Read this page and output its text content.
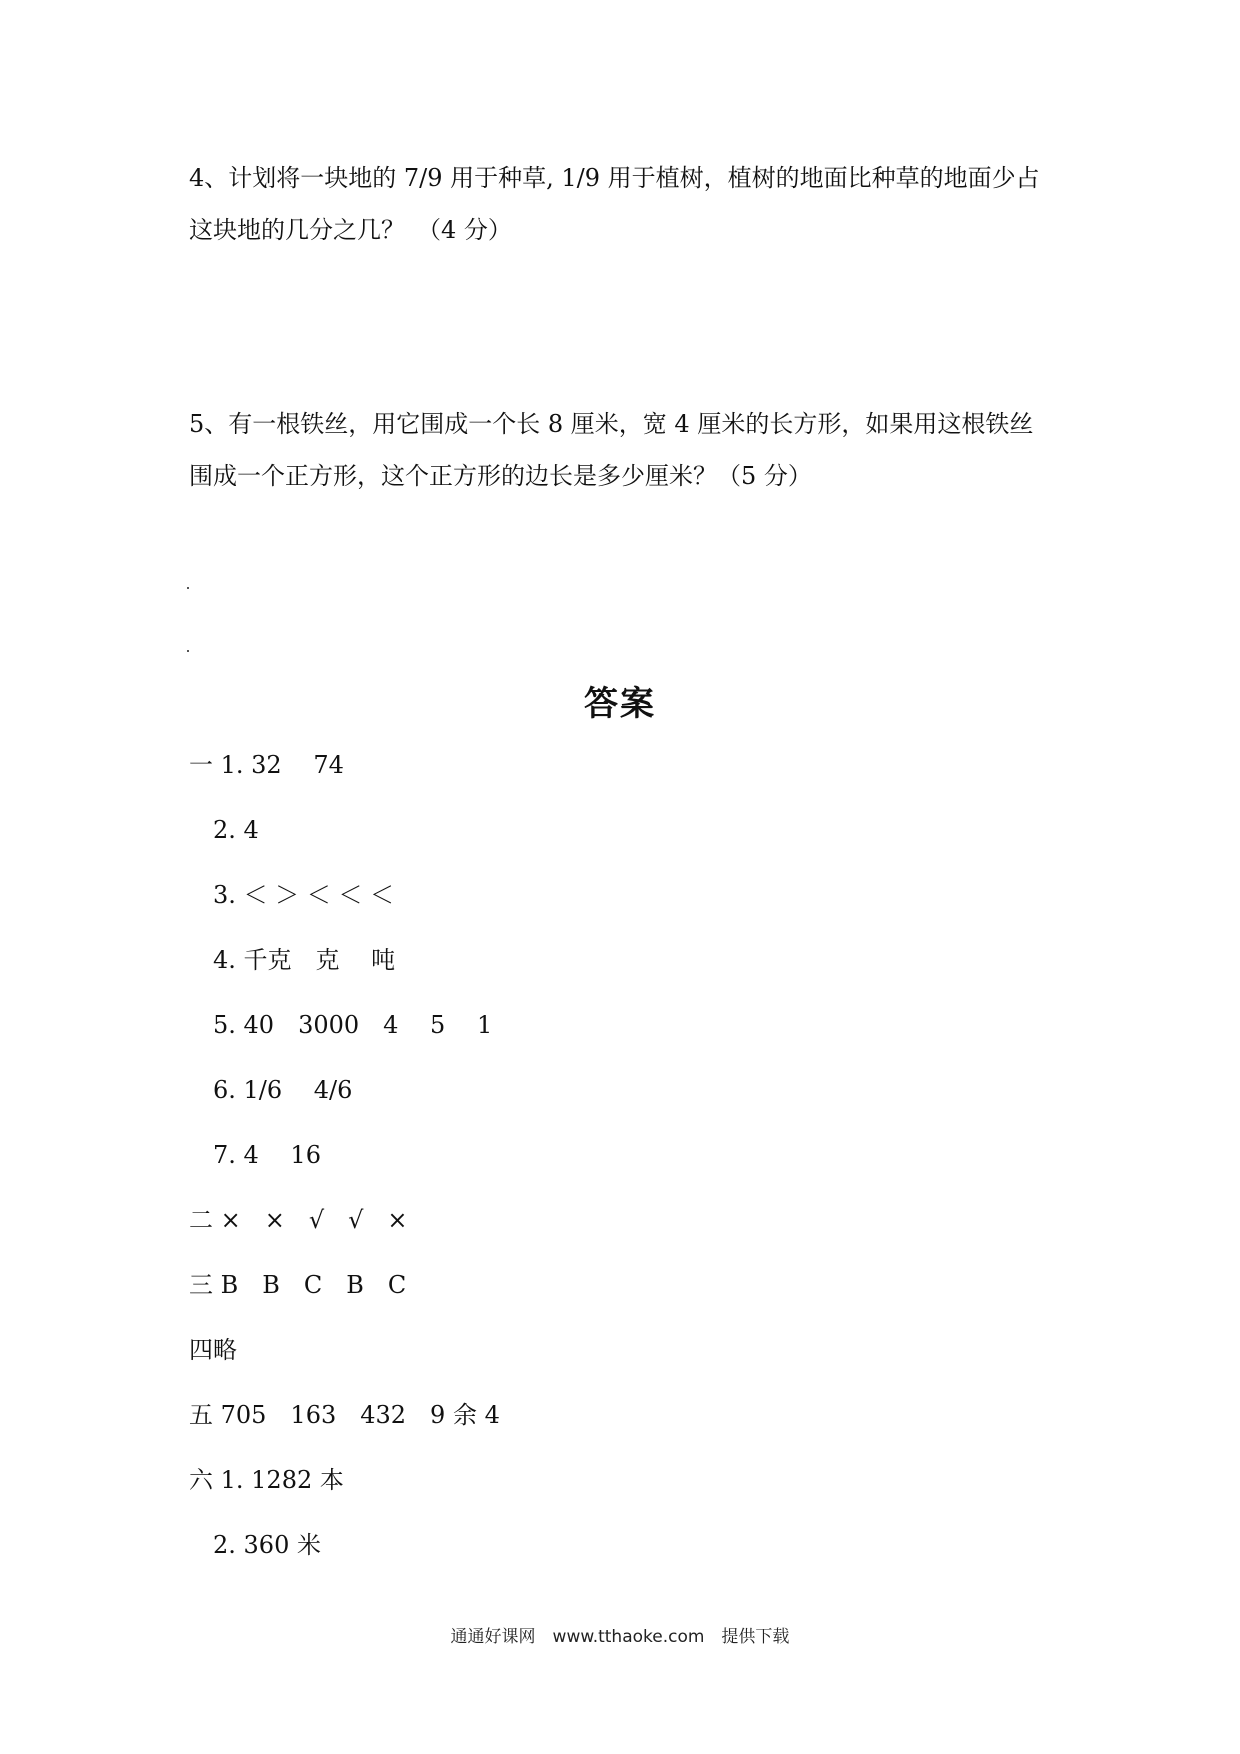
4、计划将一块地的 7/9 用于种草, 1/9 用于植树，植树的地面比种草的地面少占

这块地的几分之几？　（4 分）

5、有一根铁丝，用它围成一个长 8 厘米，宽 4 厘米的长方形，如果用这根铁丝

围成一个正方形，这个正方形的边长是多少厘米？（5 分）

答案
一 1. 32　 74
2. 4
3. ＜ ＞ ＜ ＜ ＜
4. 千克　克　 吨
5. 40　3000　4　 5　 1
6. 1/6　 4/6
7. 4　 16
二 ×　×　√　√　×
三 B　B　C　B　C
四略
五 705　163　432　9 余 4
六 1. 1282 本
2. 360 米
通通好课网　www.tthaoke.com　提供下载
